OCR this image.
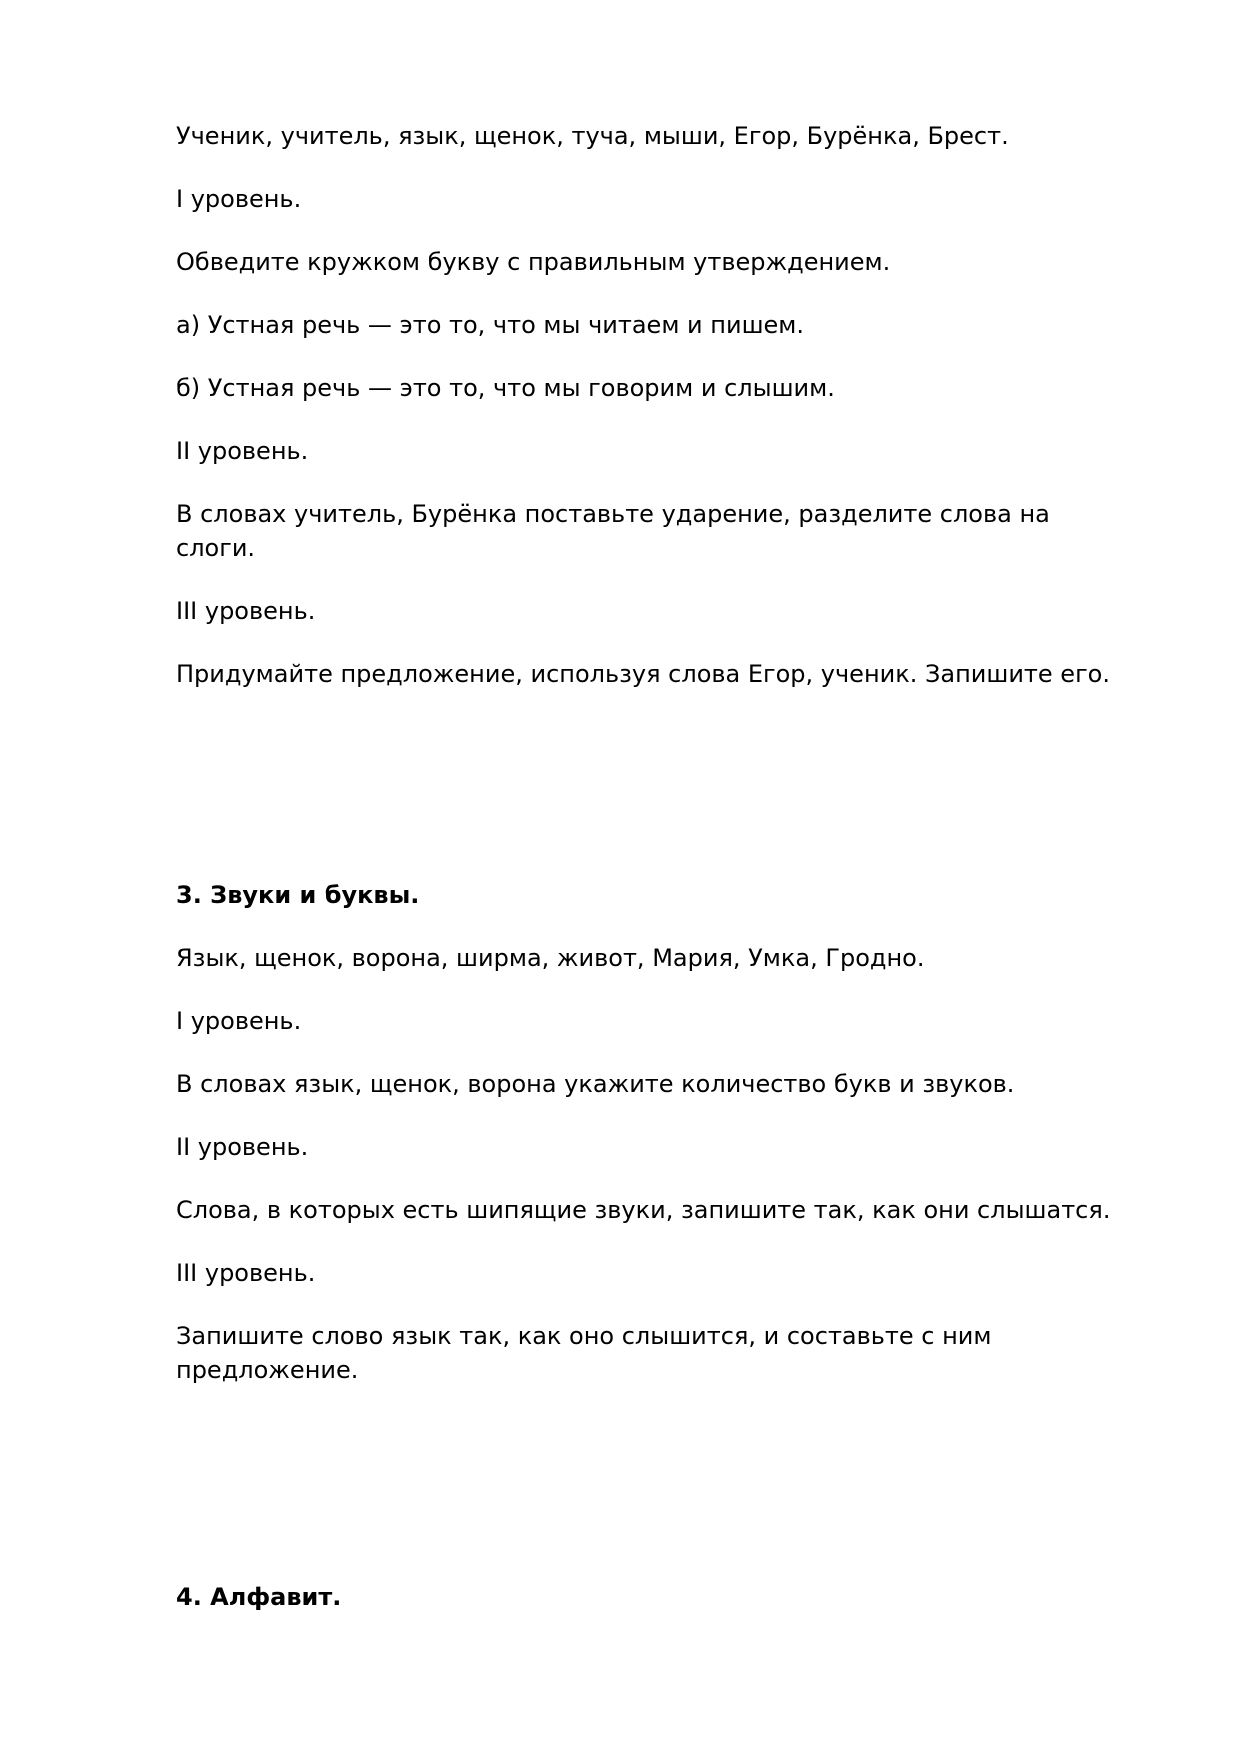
Ученик, учитель, язык, щенок, туча, мыши, Егор, Бурёнка, Брест.

I уровень.

Обведите кружком букву с правильным утверждением.

а) Устная речь — это то, что мы читаем и пишем.

б) Устная речь — это то, что мы говорим и слышим.

II уровень.

В словах учитель, Бурёнка поставьте ударение, разделите слова на слоги.

III уровень.

Придумайте предложение, используя слова Егор, ученик. Запишите его.

3. Звуки и буквы.

Язык, щенок, ворона, ширма, живот, Мария, Умка, Гродно.

I уровень.

В словах язык, щенок, ворона укажите количество букв и звуков.

II уровень.

Слова, в которых есть шипящие звуки, запишите так, как они слышатся.

III уровень.

Запишите слово язык так, как оно слышится, и составьте с ним предложение.

4. Алфавит.
